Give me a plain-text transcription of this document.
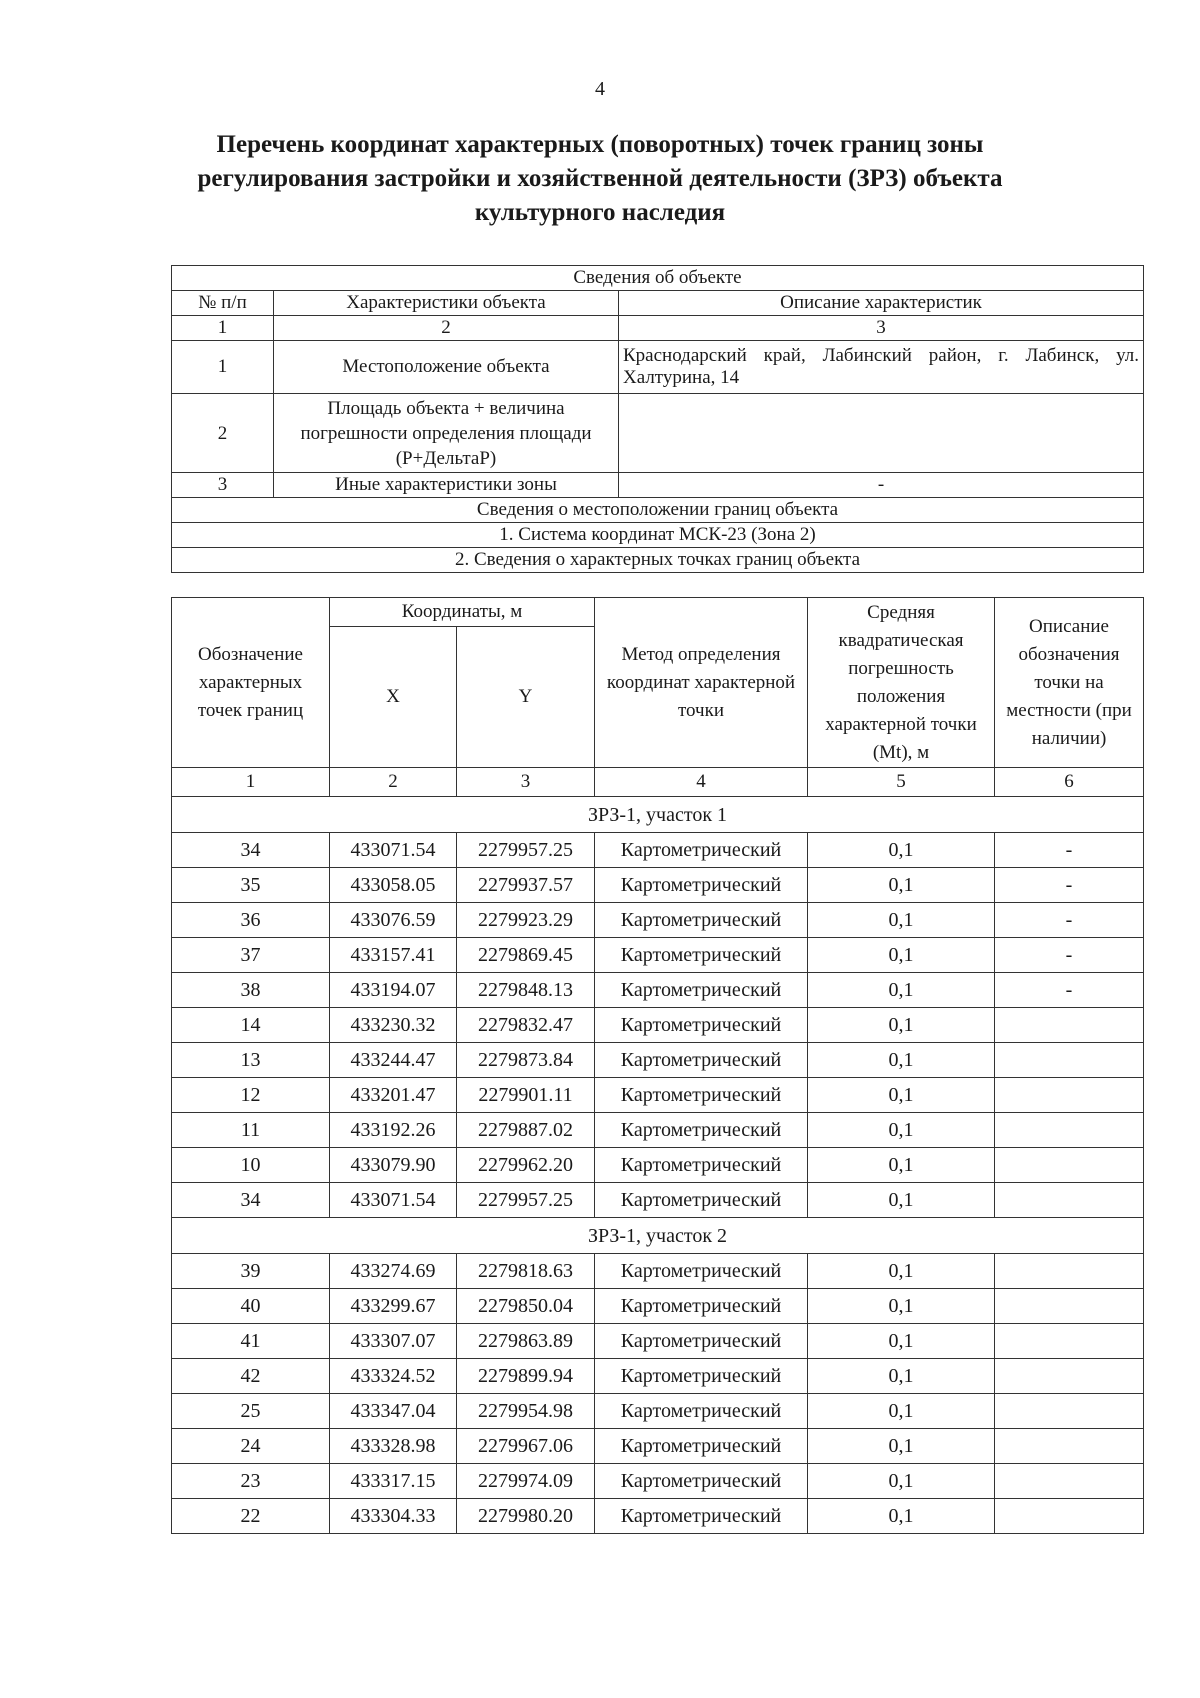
4
Перечень координат характерных (поворотных) точек границ зоны
регулирования застройки и хозяйственной деятельности (ЗРЗ) объекта
культурного наследия
Сведения об объекте		
№ п/п	Характеристики объекта	Описание характеристик
1	2	3
1	Местоположение объекта	Краснодарский край, Лабинский район, г. Лабинск, ул. Халтурина, 14
2	Площадь объекта + величина погрешности определения площади (P+ДельтаP)	
3	Иные характеристики зоны	-
Сведения о местоположении границ объекта		
1. Система координат МСК-23 (Зона 2)		
2. Сведения о характерных точках границ объекта		
Обозначение характерных точек границ	Координаты, м		Метод определения координат характерной точки	Средняя квадратическая погрешность положения характерной точки (Mt), м	Описание обозначения точки на местности (при наличии)
	X	Y			
1	2	3	4	5	6
ЗРЗ-1, участок 1					
34	433071.54	2279957.25	Картометрический	0,1	-
35	433058.05	2279937.57	Картометрический	0,1	-
36	433076.59	2279923.29	Картометрический	0,1	-
37	433157.41	2279869.45	Картометрический	0,1	-
38	433194.07	2279848.13	Картометрический	0,1	-
14	433230.32	2279832.47	Картометрический	0,1	
13	433244.47	2279873.84	Картометрический	0,1	
12	433201.47	2279901.11	Картометрический	0,1	
11	433192.26	2279887.02	Картометрический	0,1	
10	433079.90	2279962.20	Картометрический	0,1	
34	433071.54	2279957.25	Картометрический	0,1	
ЗРЗ-1, участок 2					
39	433274.69	2279818.63	Картометрический	0,1	
40	433299.67	2279850.04	Картометрический	0,1	
41	433307.07	2279863.89	Картометрический	0,1	
42	433324.52	2279899.94	Картометрический	0,1	
25	433347.04	2279954.98	Картометрический	0,1	
24	433328.98	2279967.06	Картометрический	0,1	
23	433317.15	2279974.09	Картометрический	0,1	
22	433304.33	2279980.20	Картометрический	0,1	
